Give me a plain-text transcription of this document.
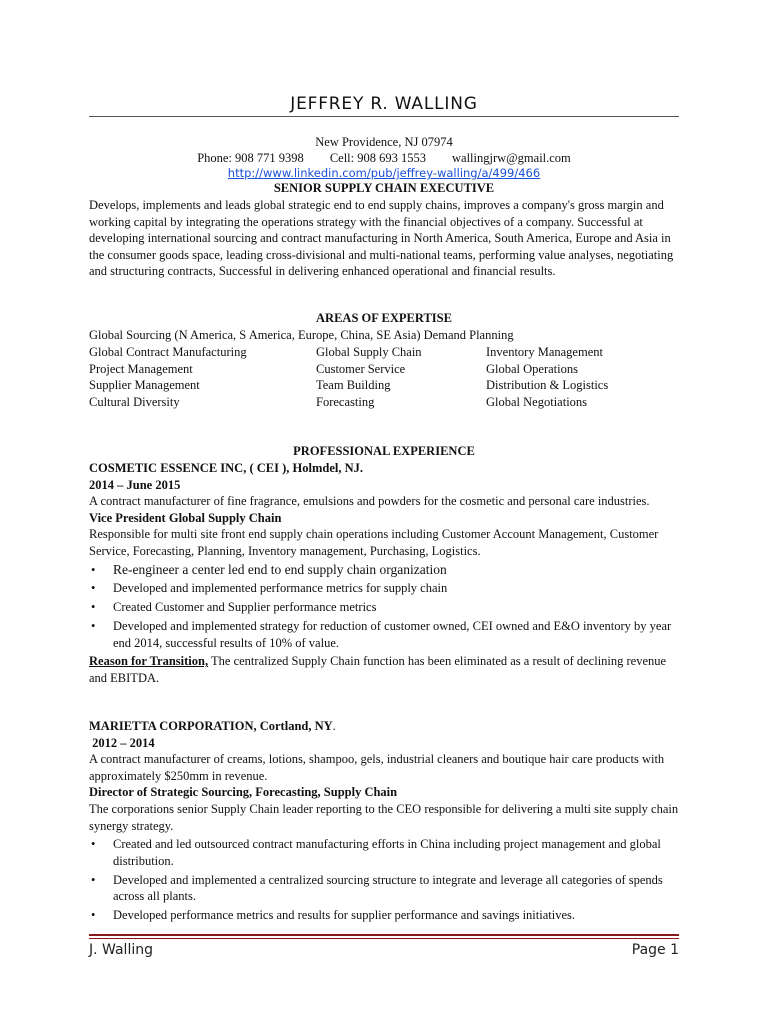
JEFFREY R. WALLING
New Providence, NJ 07974
Phone: 908 771 9398 Cell: 908 693 1553 wallingjrw@gmail.com
http://www.linkedin.com/pub/jeffrey-walling/a/499/466
SENIOR SUPPLY CHAIN EXECUTIVE
Develops, implements and leads global strategic end to end supply chains, improves a company's gross margin and working capital by integrating the operations strategy with the financial objectives of a company. Successful at developing international sourcing and contract manufacturing in North America, South America, Europe and Asia in the consumer goods space, leading cross-divisional and multi-national teams, performing value analyses, negotiating and structuring contracts, Successful in delivering enhanced operational and financial results.
AREAS OF EXPERTISE
Global Sourcing (N America, S America, Europe, China, SE Asia) Demand Planning
Global Contract Manufacturing	Global Supply Chain	Inventory Management
Project Management	Customer Service	Global Operations
Supplier Management	Team Building	Distribution & Logistics
Cultural Diversity	Forecasting	Global Negotiations
PROFESSIONAL EXPERIENCE
COSMETIC ESSENCE INC, ( CEI ), Holmdel, NJ.
2014 – June 2015
A contract manufacturer of fine fragrance, emulsions and powders for the cosmetic and personal care industries.
Vice President Global Supply Chain
Responsible for multi site front end supply chain operations including Customer Account Management, Customer Service, Forecasting, Planning, Inventory management, Purchasing, Logistics.
• Re-engineer a center led end to end supply chain organization
• Developed and implemented performance metrics for supply chain
• Created Customer and Supplier performance metrics
• Developed and implemented strategy for reduction of customer owned, CEI owned and E&O inventory by year end 2014, successful results of 10% of value.
Reason for Transition, The centralized Supply Chain function has been eliminated as a result of declining revenue and EBITDA.
MARIETTA CORPORATION, Cortland, NY.
2012 – 2014
A contract manufacturer of creams, lotions, shampoo, gels, industrial cleaners and boutique hair care products with approximately $250mm in revenue.
Director of Strategic Sourcing, Forecasting, Supply Chain
The corporations senior Supply Chain leader reporting to the CEO responsible for delivering a multi site supply chain synergy strategy.
• Created and led outsourced contract manufacturing efforts in China including project management and global distribution.
• Developed and implemented a centralized sourcing structure to integrate and leverage all categories of spends across all plants.
• Developed performance metrics and results for supplier performance and savings initiatives.
J. Walling	Page 1
